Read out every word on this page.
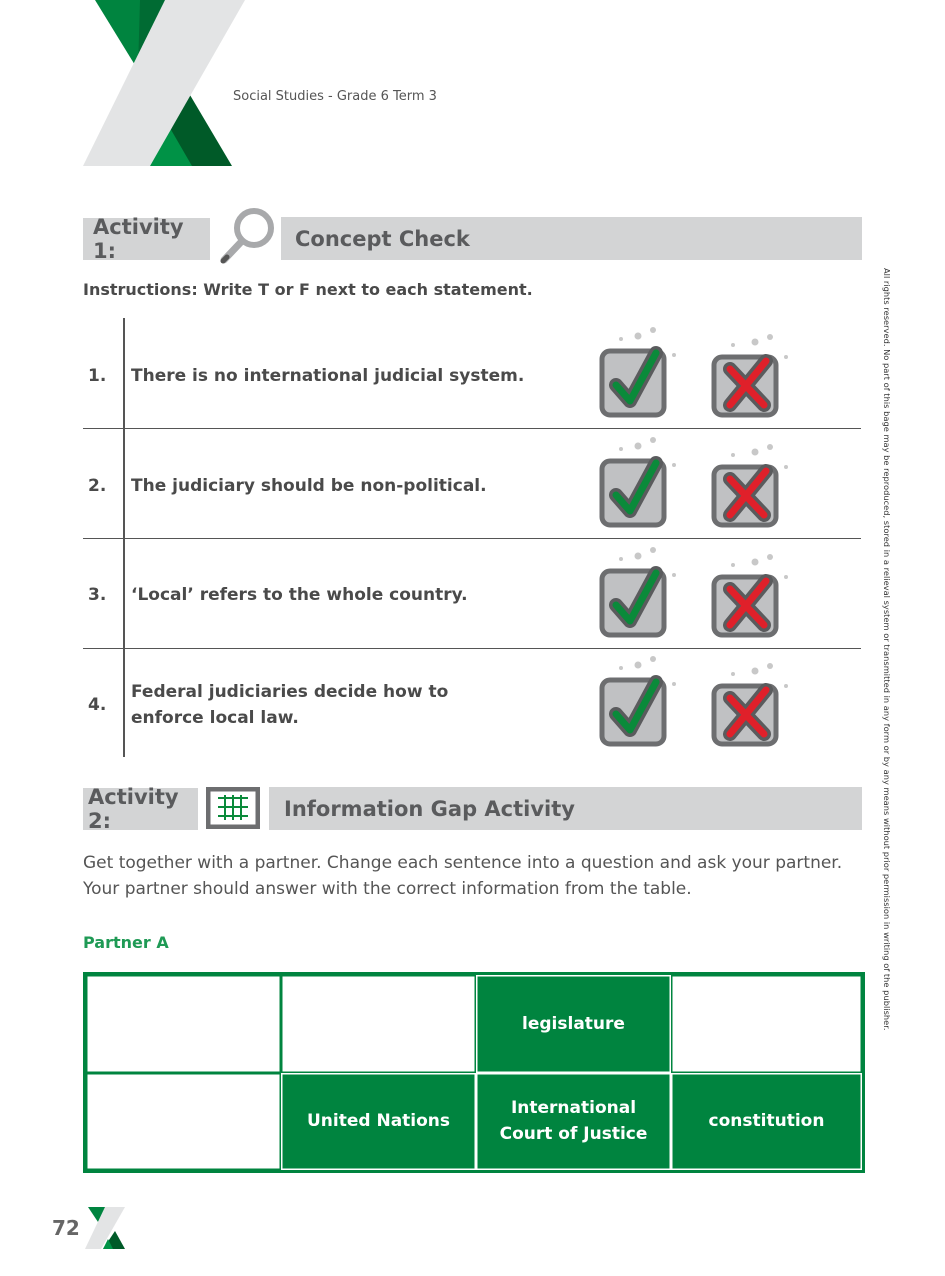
Social Studies - Grade 6 Term 3
Activity 1:
Concept Check
Instructions: Write T or F next to each statement.
1. There is no international judicial system.
2. The judiciary should be non-political.
3. ‘Local’ refers to the whole country.
4.
Federal judiciaries decide how to enforce local law.
Activity 2:
Information Gap Activity
Get together with a partner. Change each sentence into a question and ask your partner. Your partner should answer with the correct information from the table.
Partner A
legislature
United Nations
International Court of Justice
constitution
All rights reserved. No part of this bage may be reproduced, stored in a relieval system or transmitted in any form or by any means without prior permission in writing of the publisher.
72
